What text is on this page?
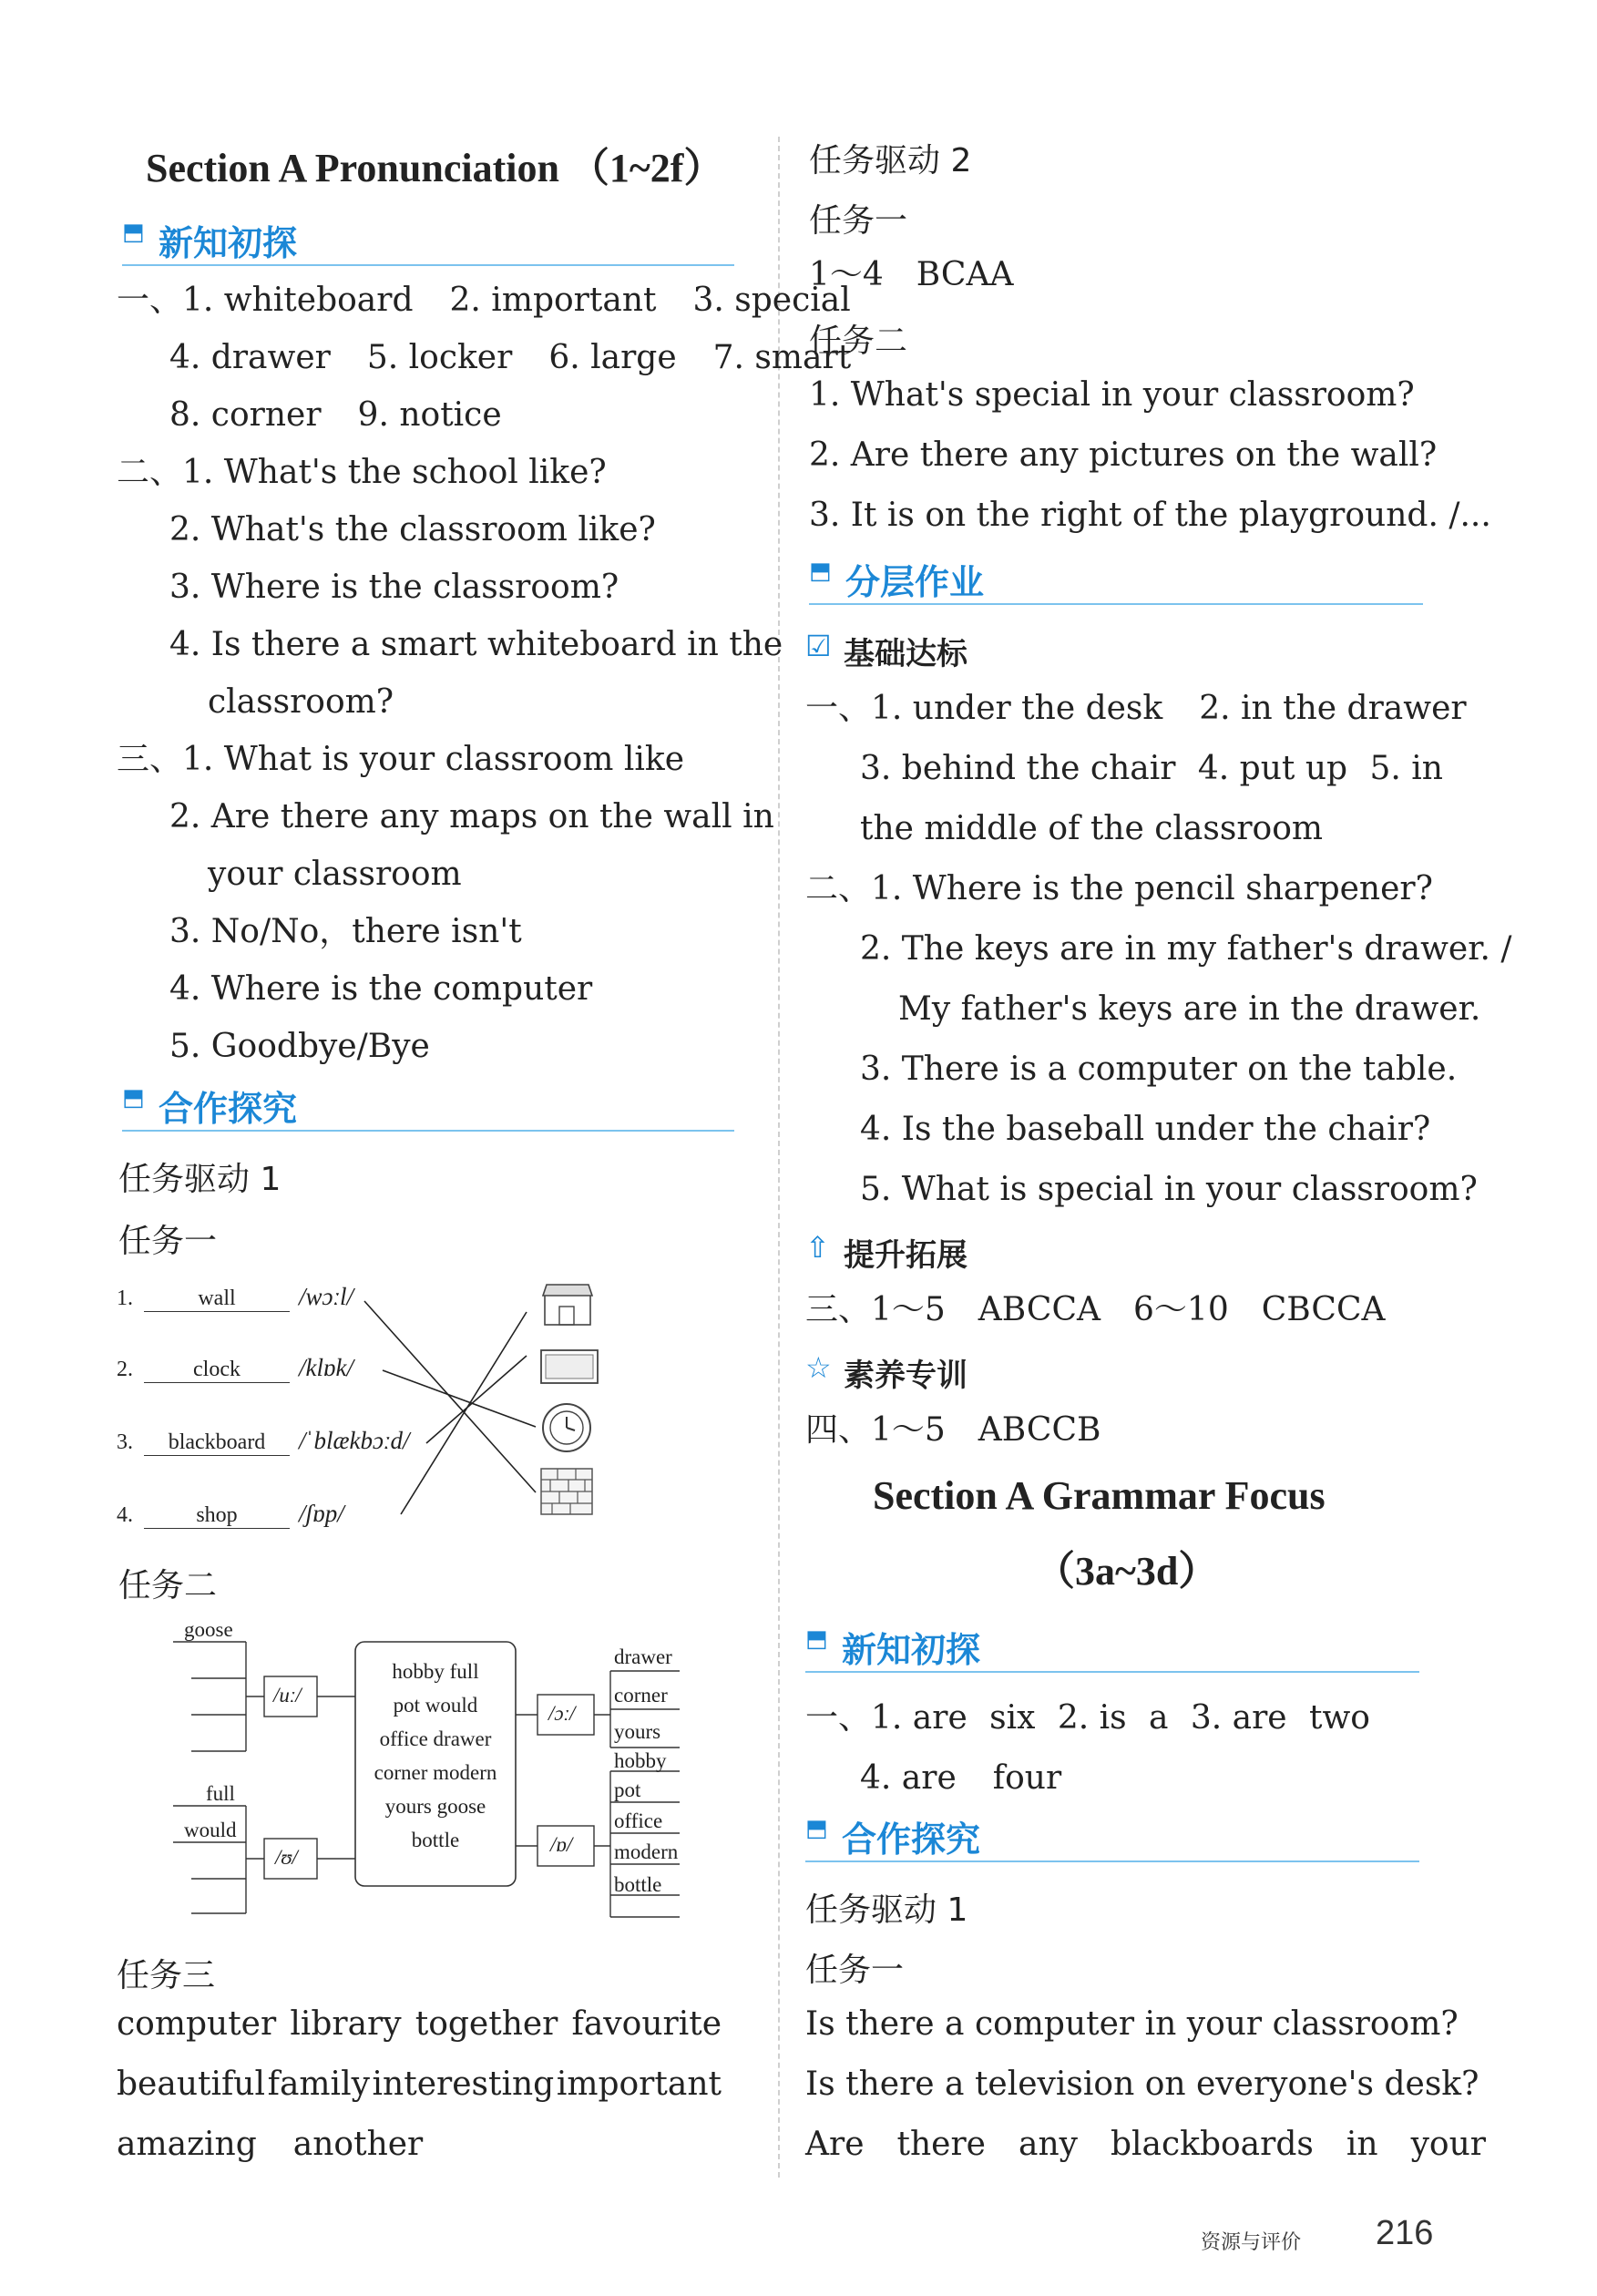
Section A Pronunciation （1~2f）
⬒ 新知初探
一、1. whiteboard 2. important 3. special
4. drawer 5. locker 6. large 7. smart
8. corner 9. notice
二、1. What's the school like?
2. What's the classroom like?
3. Where is the classroom?
4. Is there a smart whiteboard in the
classroom?
三、1. What is your classroom like
2. Are there any maps on the wall in
your classroom
3. No/No，there isn't
4. Where is the computer
5. Goodbye/Bye
⬒ 合作探究
任务驱动 1
任务一
1.	wall	/wɔːl/
2.	clock	/klɒk/
3.	blackboard	/ˈblækbɔːd/
4.	shop	/ʃɒp/
任务二
goose
full
would
/uː/
/ʊ/
/ɔː/
/ɒ/
hobby full
pot would
office drawer
corner modern
yours goose
bottle
drawer
corner
yours
hobby
pot
office
modern
bottle
任务三
computer library together favourite
beautiful family interesting important
amazing another
任务驱动 2
任务一
1～4　BCAA
任务二
1. What's special in your classroom?
2. Are there any pictures on the wall?
3. It is on the right of the playground. /...
⬒ 分层作业
☑ 基础达标
一、1. under the desk 2. in the drawer
3. behind the chair 4. put up 5. in
the middle of the classroom
二、1. Where is the pencil sharpener?
2. The keys are in my father's drawer. /
My father's keys are in the drawer.
3. There is a computer on the table.
4. Is the baseball under the chair?
5. What is special in your classroom?
⇧ 提升拓展
三、1～5　ABCCA　6～10　CBCCA
☆ 素养专训
四、1～5　ABCCB
Section A Grammar Focus
（3a~3d）
⬒ 新知初探
一、1. are six 2. is a 3. are two
4. are four
⬒ 合作探究
任务驱动 1
任务一
Is there a computer in your classroom?
Is there a television on everyone's desk?
Are　there　any　blackboards　in　your
资源与评价 216
